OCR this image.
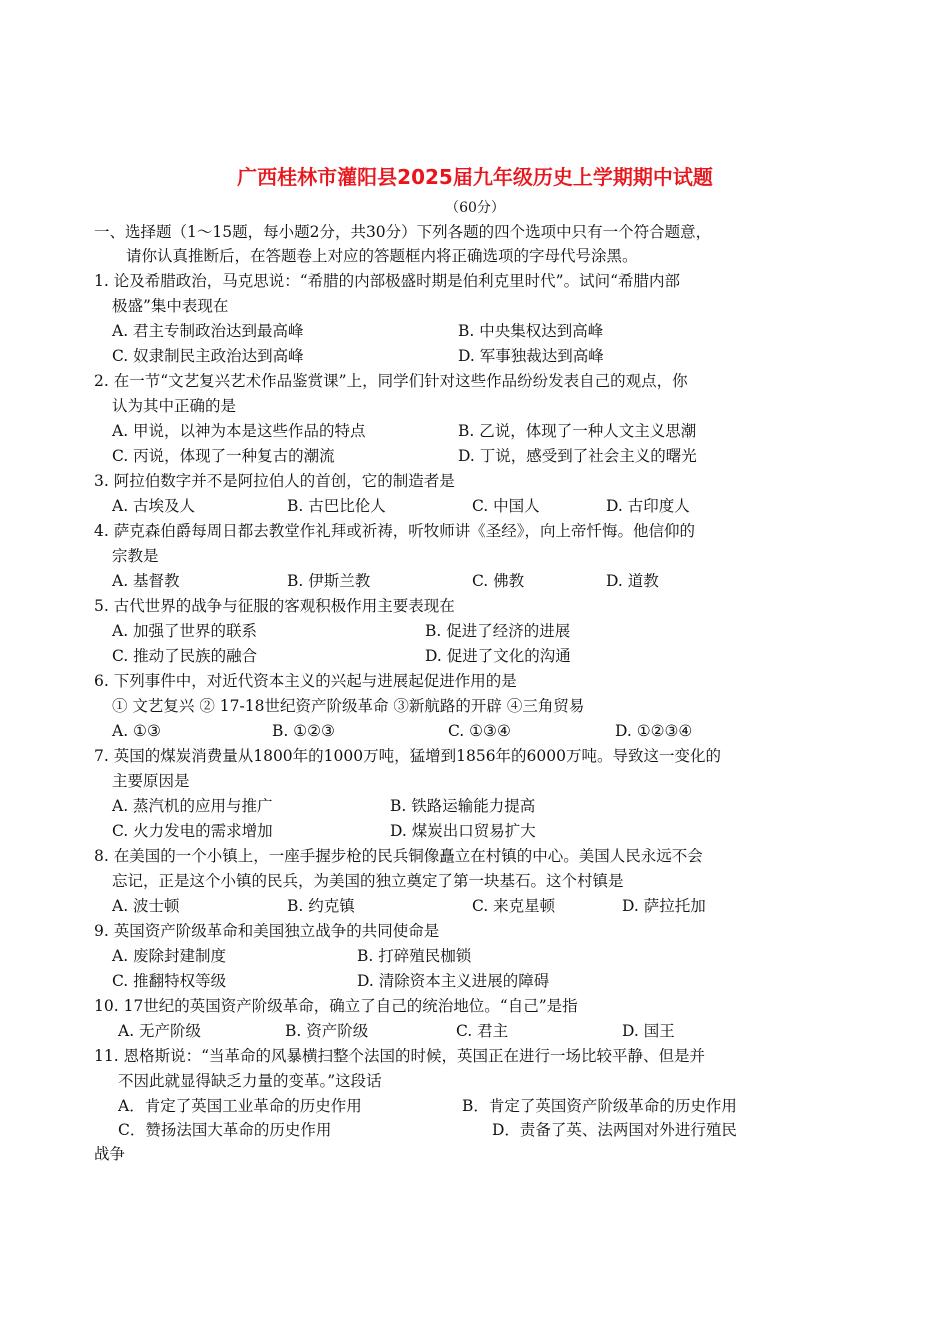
广西桂林市灌阳县2025届九年级历史上学期期中试题
（60分）
一、选择题（1～15题，每小题2分，共30分）下列各题的四个选项中只有一个符合题意，
请你认真推断后，在答题卷上对应的答题框内将正确选项的字母代号涂黑。
1. 论及希腊政治，马克思说：“希腊的内部极盛时期是伯利克里时代”。试问“希腊内部
极盛”集中表现在
A. 君主专制政治达到最高峰	B. 中央集权达到高峰
C. 奴隶制民主政治达到高峰	D. 军事独裁达到高峰
2. 在一节“文艺复兴艺术作品鉴赏课”上，同学们针对这些作品纷纷发表自己的观点，你
认为其中正确的是
A. 甲说，以神为本是这些作品的特点	B. 乙说，体现了一种人文主义思潮
C. 丙说，体现了一种复古的潮流	D. 丁说，感受到了社会主义的曙光
3. 阿拉伯数字并不是阿拉伯人的首创，它的制造者是
A. 古埃及人	B. 古巴比伦人	C. 中国人	D. 古印度人
4. 萨克森伯爵每周日都去教堂作礼拜或祈祷，听牧师讲《圣经》，向上帝忏悔。他信仰的
宗教是
A. 基督教	B. 伊斯兰教	C. 佛教	D. 道教
5. 古代世界的战争与征服的客观积极作用主要表现在
A. 加强了世界的联系	B. 促进了经济的进展
C. 推动了民族的融合	D. 促进了文化的沟通
6. 下列事件中，对近代资本主义的兴起与进展起促进作用的是
① 文艺复兴 ② 17-18世纪资产阶级革命 ③新航路的开辟 ④三角贸易
A. ①③	B. ①②③	C. ①③④	D. ①②③④
7. 英国的煤炭消费量从1800年的1000万吨，猛增到1856年的6000万吨。导致这一变化的
主要原因是
A. 蒸汽机的应用与推广	B. 铁路运输能力提高
C. 火力发电的需求增加	D. 煤炭出口贸易扩大
8. 在美国的一个小镇上，一座手握步枪的民兵铜像矗立在村镇的中心。美国人民永远不会
忘记，正是这个小镇的民兵，为美国的独立奠定了第一块基石。这个村镇是
A. 波士顿	B. 约克镇	C. 来克星顿	D. 萨拉托加
9. 英国资产阶级革命和美国独立战争的共同使命是
A. 废除封建制度	B. 打碎殖民枷锁
C. 推翻特权等级	D. 清除资本主义进展的障碍
10. 17世纪的英国资产阶级革命，确立了自己的统治地位。“自己”是指
A. 无产阶级	B. 资产阶级	C. 君主	D. 国王
11. 恩格斯说：“当革命的风暴横扫整个法国的时候，英国正在进行一场比较平静、但是并
不因此就显得缺乏力量的变革。”这段话
A．肯定了英国工业革命的历史作用	B．肯定了英国资产阶级革命的历史作用
C．赞扬法国大革命的历史作用	D．责备了英、法两国对外进行殖民
战争
